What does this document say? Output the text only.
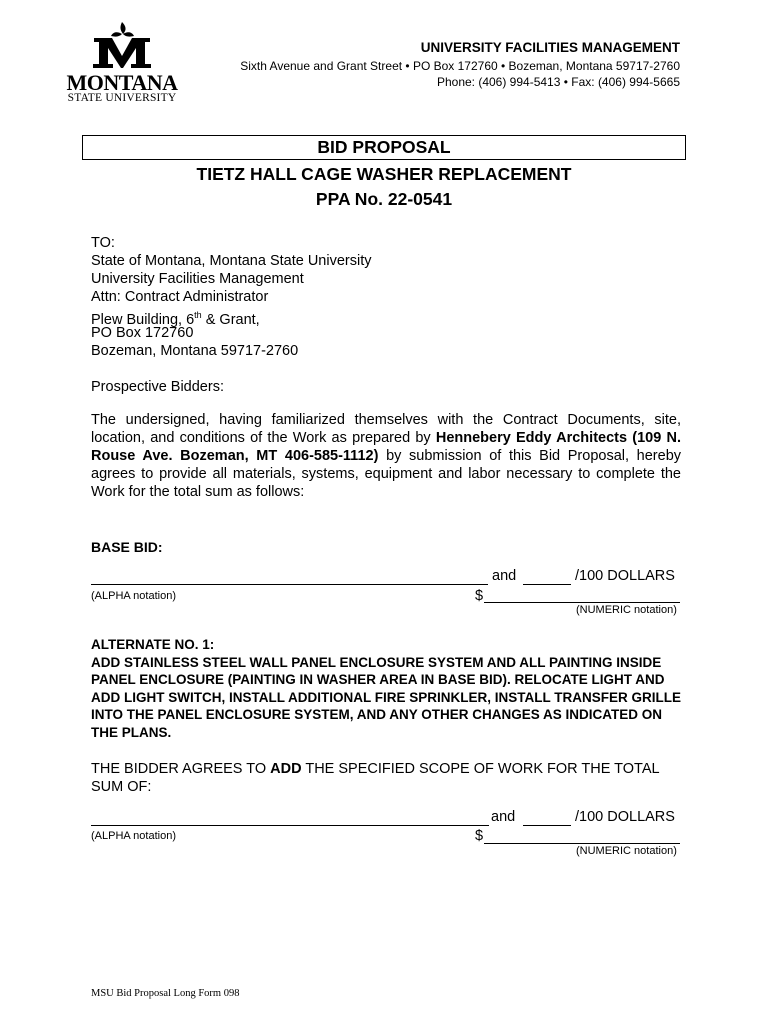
MONTANA
STATE UNIVERSITY
UNIVERSITY FACILITIES MANAGEMENT
Sixth Avenue and Grant Street • PO Box 172760 • Bozeman, Montana 59717-2760
Phone: (406) 994-5413 • Fax: (406) 994-5665
BID PROPOSAL
TIETZ HALL CAGE WASHER REPLACEMENT
PPA No. 22-0541
TO:
State of Montana, Montana State University
University Facilities Management
Attn: Contract Administrator
Plew Building, 6th & Grant,
PO Box 172760
Bozeman, Montana 59717-2760
Prospective Bidders:
The undersigned, having familiarized themselves with the Contract Documents, site, location, and conditions of the Work as prepared by Hennebery Eddy Architects (109 N. Rouse Ave. Bozeman, MT 406-585-1112) by submission of this Bid Proposal, hereby agrees to provide all materials, systems, equipment and labor necessary to complete the Work for the total sum as follows:
BASE BID:
and	/100 DOLLARS
(ALPHA notation)	$
(NUMERIC notation)
ALTERNATE NO. 1:
ADD STAINLESS STEEL WALL PANEL ENCLOSURE SYSTEM AND ALL PAINTING INSIDE PANEL ENCLOSURE (PAINTING IN WASHER AREA IN BASE BID). RELOCATE LIGHT AND ADD LIGHT SWITCH, INSTALL ADDITIONAL FIRE SPRINKLER, INSTALL TRANSFER GRILLE INTO THE PANEL ENCLOSURE SYSTEM, AND ANY OTHER CHANGES AS INDICATED ON THE PLANS.
THE BIDDER AGREES TO ADD THE SPECIFIED SCOPE OF WORK FOR THE TOTAL SUM OF:
and	/100 DOLLARS
(ALPHA notation)	$
(NUMERIC notation)
MSU Bid Proposal Long Form 098
